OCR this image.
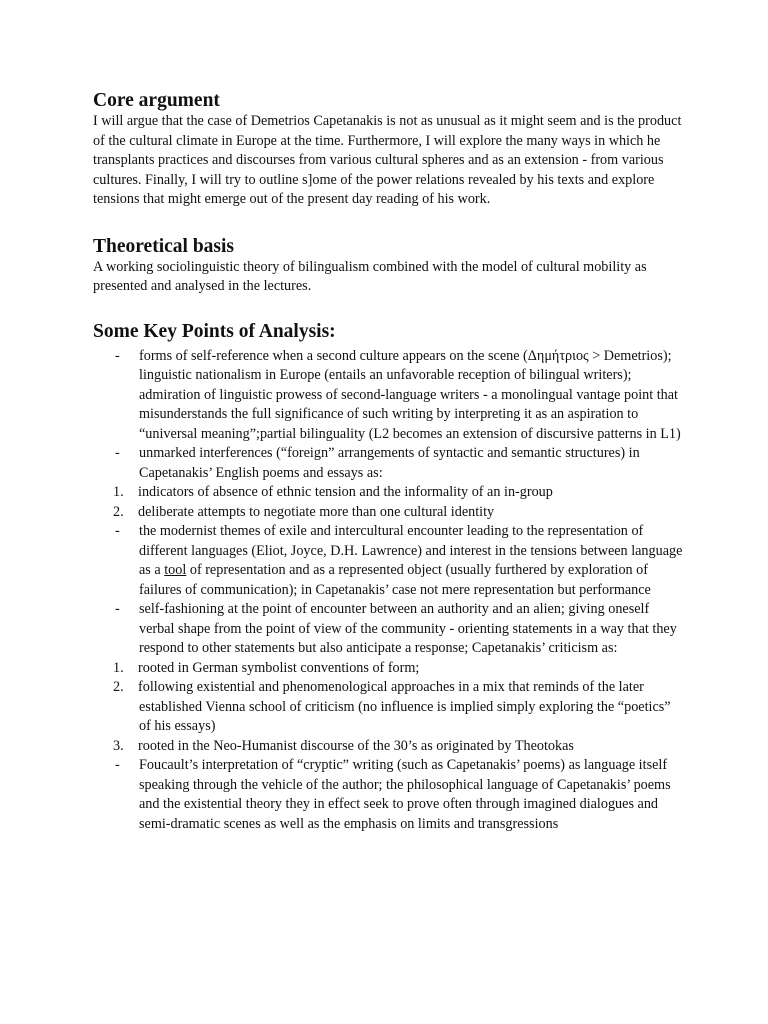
Core argument

I will argue that the case of Demetrios Capetanakis is not as unusual as it might seem and is the product of the cultural climate in Europe at the time. Furthermore, I will explore the many ways in which he transplants practices and discourses from various cultural spheres and as an extension - from various cultures. Finally, I will try to outline s]ome of the power relations revealed by his texts and explore tensions that might emerge out of the present day reading of his work.

Theoretical basis

A working sociolinguistic theory of bilingualism combined with the model of cultural mobility as presented and analysed in the lectures.

Some Key Points of Analysis:
-	forms of self-reference when a second culture appears on the scene (Δημήτριος > Demetrios); linguistic nationalism in Europe (entails an unfavorable reception of bilingual writers); admiration of linguistic prowess of second-language writers - a monolingual vantage point that misunderstands the full significance of such writing by interpreting it as an aspiration to “universal meaning”;partial bilinguality (L2 becomes an extension of discursive patterns in L1)
-	unmarked interferences (“foreign” arrangements of syntactic and semantic structures) in Capetanakis’ English poems and essays as:
1.	indicators of absence of ethnic tension and the informality of an in-group
2.	deliberate attempts to negotiate more than one cultural identity
-	the modernist themes of exile and intercultural encounter leading to the representation of different languages (Eliot, Joyce, D.H. Lawrence) and interest in the tensions between language as a tool of representation and as a represented object (usually furthered by exploration of failures of communication); in Capetanakis’ case not mere representation but performance
-	self-fashioning at the point of encounter between an authority and an alien; giving oneself verbal shape from the point of view of the community - orienting statements in a way that they respond to other statements but also anticipate a response; Capetanakis’ criticism as:
1.	rooted in German symbolist conventions of form;
2.	following existential and phenomenological approaches in a mix that reminds of the later established Vienna school of criticism (no influence is implied simply exploring the “poetics” of his essays)
3.	rooted in the Neo-Humanist discourse of the 30’s as originated by Theotokas
-	Foucault’s interpretation of “cryptic” writing (such as Capetanakis’ poems) as language itself speaking through the vehicle of the author; the philosophical language of Capetanakis’ poems and the existential theory they in effect seek to prove often through imagined dialogues and semi-dramatic scenes as well as the emphasis on limits and transgressions
